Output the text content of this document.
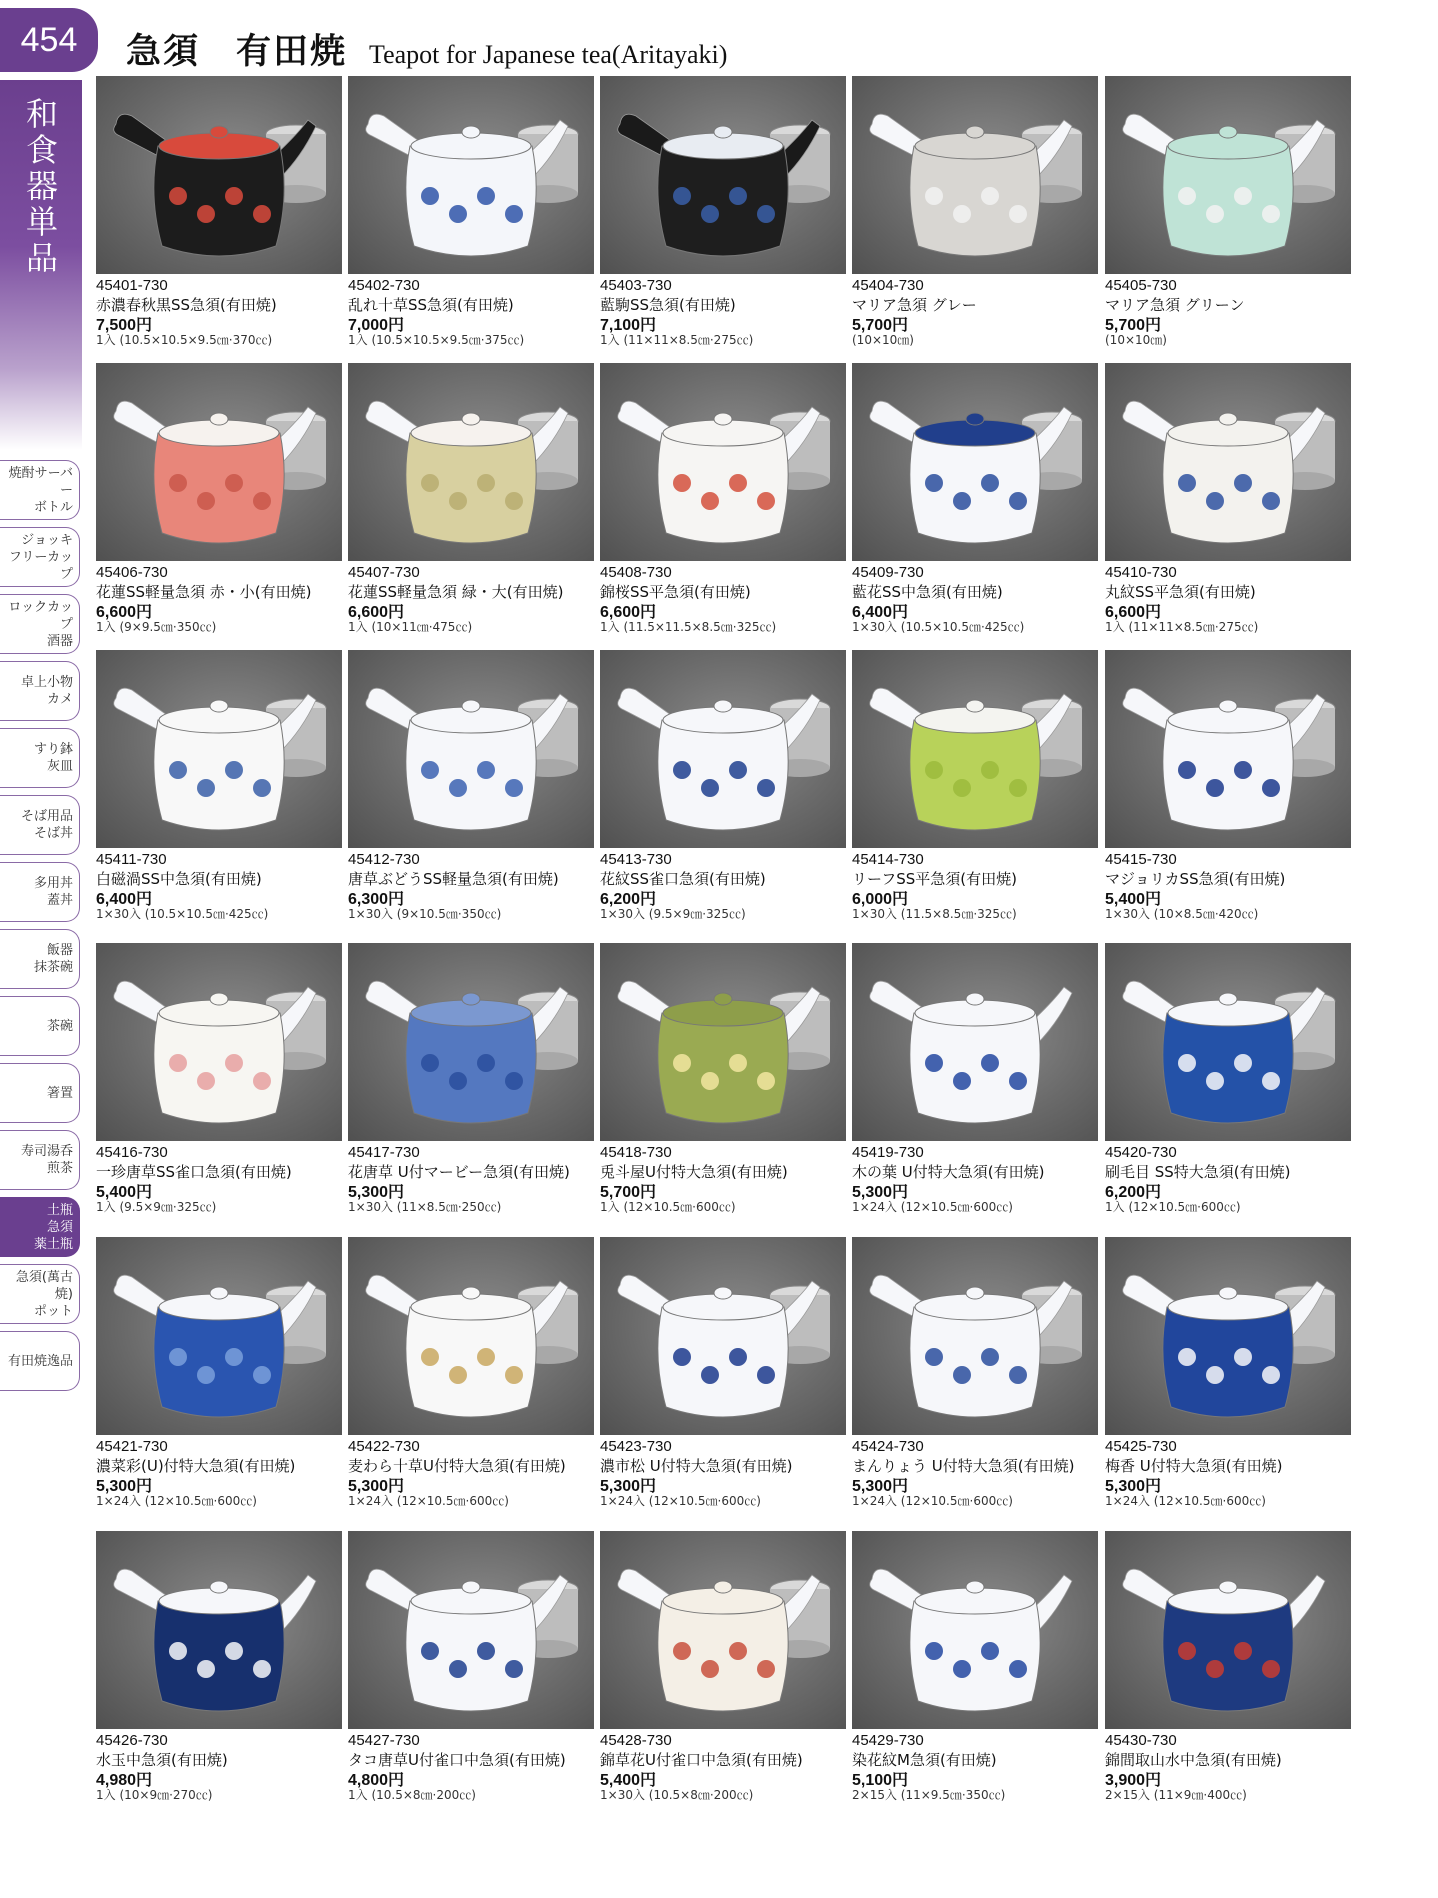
454	急須 有田焼 Teapot for Japanese tea(Aritayaki)
和
食
器
単
品
焼酎サーバー
ボトル
ジョッキ
フリーカップ
ロックカップ
酒器
卓上小物
カメ
すり鉢
灰皿
そば用品
そば丼
多用丼
蓋丼
飯器
抹茶碗
茶碗
箸置
寿司湯呑
煎茶
土瓶
急須
薬土瓶
急須(萬古焼)
ポット
有田焼逸品
45401-730
赤濃春秋黒SS急須(有田焼)
7,500円
1入 (10.5×10.5×9.5㎝·370㏄)
45402-730
乱れ十草SS急須(有田焼)
7,000円
1入 (10.5×10.5×9.5㎝·375㏄)
45403-730
藍駒SS急須(有田焼)
7,100円
1入 (11×11×8.5㎝·275㏄)
45404-730
マリア急須 グレー
5,700円
(10×10㎝)
45405-730
マリア急須 グリーン
5,700円
(10×10㎝)
45406-730
花蓮SS軽量急須 赤・小(有田焼)
6,600円
1入 (9×9.5㎝·350㏄)
45407-730
花蓮SS軽量急須 緑・大(有田焼)
6,600円
1入 (10×11㎝·475㏄)
45408-730
錦桜SS平急須(有田焼)
6,600円
1入 (11.5×11.5×8.5㎝·325㏄)
45409-730
藍花SS中急須(有田焼)
6,400円
1×30入 (10.5×10.5㎝·425㏄)
45410-730
丸紋SS平急須(有田焼)
6,600円
1入 (11×11×8.5㎝·275㏄)
45411-730
白磁渦SS中急須(有田焼)
6,400円
1×30入 (10.5×10.5㎝·425㏄)
45412-730
唐草ぶどうSS軽量急須(有田焼)
6,300円
1×30入 (9×10.5㎝·350㏄)
45413-730
花紋SS雀口急須(有田焼)
6,200円
1×30入 (9.5×9㎝·325㏄)
45414-730
リーフSS平急須(有田焼)
6,000円
1×30入 (11.5×8.5㎝·325㏄)
45415-730
マジョリカSS急須(有田焼)
5,400円
1×30入 (10×8.5㎝·420㏄)
45416-730
一珍唐草SS雀口急須(有田焼)
5,400円
1入 (9.5×9㎝·325㏄)
45417-730
花唐草 U付マービー急須(有田焼)
5,300円
1×30入 (11×8.5㎝·250㏄)
45418-730
兎斗屋U付特大急須(有田焼)
5,700円
1入 (12×10.5㎝·600㏄)
45419-730
木の葉 U付特大急須(有田焼)
5,300円
1×24入 (12×10.5㎝·600㏄)
45420-730
刷毛目 SS特大急須(有田焼)
6,200円
1入 (12×10.5㎝·600㏄)
45421-730
濃菜彩(U)付特大急須(有田焼)
5,300円
1×24入 (12×10.5㎝·600㏄)
45422-730
麦わら十草U付特大急須(有田焼)
5,300円
1×24入 (12×10.5㎝·600㏄)
45423-730
濃市松 U付特大急須(有田焼)
5,300円
1×24入 (12×10.5㎝·600㏄)
45424-730
まんりょう U付特大急須(有田焼)
5,300円
1×24入 (12×10.5㎝·600㏄)
45425-730
梅香 U付特大急須(有田焼)
5,300円
1×24入 (12×10.5㎝·600㏄)
45426-730
水玉中急須(有田焼)
4,980円
1入 (10×9㎝·270㏄)
45427-730
タコ唐草U付雀口中急須(有田焼)
4,800円
1入 (10.5×8㎝·200㏄)
45428-730
錦草花U付雀口中急須(有田焼)
5,400円
1×30入 (10.5×8㎝·200㏄)
45429-730
染花紋M急須(有田焼)
5,100円
2×15入 (11×9.5㎝·350㏄)
45430-730
錦間取山水中急須(有田焼)
3,900円
2×15入 (11×9㎝·400㏄)
